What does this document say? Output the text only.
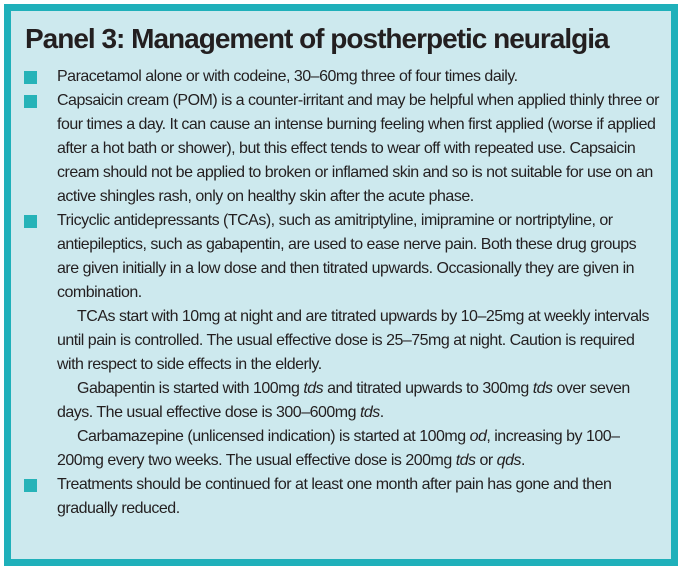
Panel 3: Management of postherpetic neuralgia

Paracetamol alone or with codeine, 30–60mg three of four times daily.

Capsaicin cream (POM) is a counter-irritant and may be helpful when applied thinly three or four times a day. It can cause an intense burning feeling when first applied (worse if applied after a hot bath or shower), but this effect tends to wear off with repeated use. Capsaicin cream should not be applied to broken or inflamed skin and so is not suitable for use on an active shingles rash, only on healthy skin after the acute phase.

Tricyclic antidepressants (TCAs), such as amitriptyline, imipramine or nortriptyline, or antiepileptics, such as gabapentin, are used to ease nerve pain. Both these drug groups are given initially in a low dose and then titrated upwards. Occasionally they are given in combination.

TCAs start with 10mg at night and are titrated upwards by 10–25mg at weekly intervals until pain is controlled. The usual effective dose is 25–75mg at night. Caution is required with respect to side effects in the elderly.

Gabapentin is started with 100mg tds and titrated upwards to 300mg tds over seven days. The usual effective dose is 300–600mg tds.

Carbamazepine (unlicensed indication) is started at 100mg od, increasing by 100–200mg every two weeks. The usual effective dose is 200mg tds or qds.

Treatments should be continued for at least one month after pain has gone and then gradually reduced.
